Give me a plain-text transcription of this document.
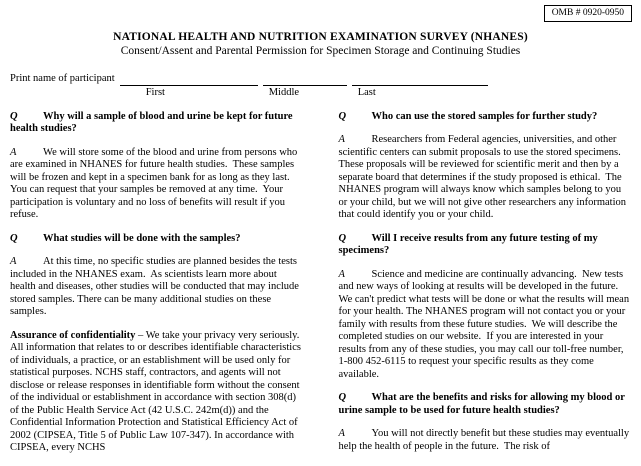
OMB # 0920-0950
NATIONAL HEALTH AND NUTRITION EXAMINATION SURVEY (NHANES)
Consent/Assent and Parental Permission for Specimen Storage and Continuing Studies
Print name of participant
First	Middle	Last

Q Why will a sample of blood and urine be kept for future health studies?

A	We will store some of the blood and urine from persons who are examined in NHANES for future health studies.  These samples will be frozen and kept in a specimen bank for as long as they last.  You can request that your samples be removed at any time.  Your participation is voluntary and no loss of benefits will result if you refuse.

Q What studies will be done with the samples?

A	At this time, no specific studies are planned besides the tests included in the NHANES exam.  As scientists learn more about health and diseases, other studies will be conducted that may include stored samples. There can be many additional studies on these samples.

Assurance of confidentiality – We take your privacy very seriously.  All information that relates to or describes identifiable characteristics of individuals, a practice, or an establishment will be used only for statistical purposes. NCHS staff, contractors, and agents will not disclose or release responses in identifiable form without the consent of the individual or establishment in accordance with section 308(d) of the Public Health Service Act (42 U.S.C. 242m(d)) and the Confidential Information Protection and Statistical Efficiency Act of 2002 (CIPSEA, Title 5 of Public Law 107-347). In accordance with CIPSEA, every NCHS

Q Who can use the stored samples for further study?

A	Researchers from Federal agencies, universities, and other scientific centers can submit proposals to use the stored specimens.  These proposals will be reviewed for scientific merit and then by a separate board that determines if the study proposed is ethical.  The NHANES program will always know which samples belong to you or your child, but we will not give other researchers any information that could identify you or your child.

Q Will I receive results from any future testing of my specimens?

A	Science and medicine are continually advancing.  New tests and new ways of looking at results will be developed in the future.  We can't predict what tests will be done or what the results will mean for your health. The NHANES program will not contact you or your family with results from these future studies.  We will describe the completed studies on our website.  If you are interested in your results from any of these studies, you may call our toll-free number, 1-800 452-6115 to request your specific results as they come available.

Q What are the benefits and risks for allowing my blood or urine sample to be used for future health studies?

A	You will not directly benefit but these studies may eventually help the health of people in the future.  The risk of
